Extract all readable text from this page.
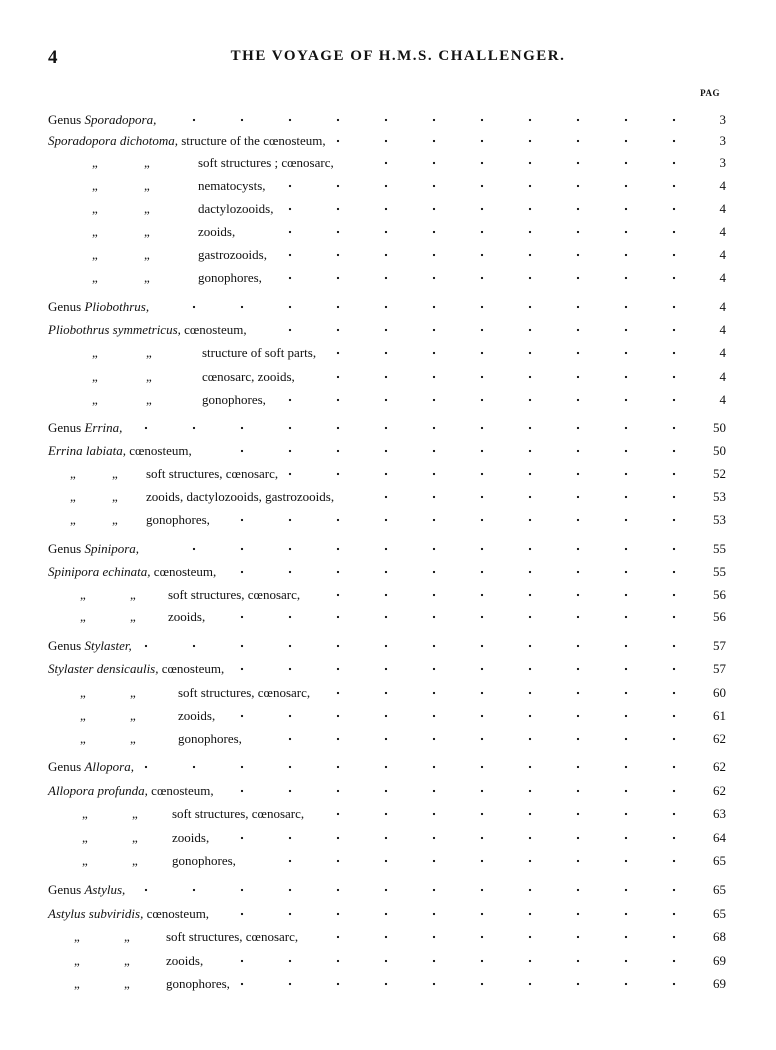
4	THE VOYAGE OF H.M.S. CHALLENGER.
PAG
Genus Sporadopora,	3
Sporadopora dichotoma, structure of the cœnosteum,	3
„	„	soft structures ; cœnosarc,	3
„	„	nematocysts,	4
„	„	dactylozooids,	4
„	„	zooids,	4
„	„	gastrozooids,	4
„	„	gonophores,	4
Genus Pliobothrus,	4
Pliobothrus symmetricus, cœnosteum,	4
„	„	structure of soft parts,	4
„	„	cœnosarc, zooids,	4
„	„	gonophores,	4
Genus Errina,	50
Errina labiata, cœnosteum,	50
„	„ soft structures, cœnosarc,	52
„	„ zooids, dactylozooids, gastrozooids,	53
„	„ gonophores,	53
Genus Spinipora,	55
Spinipora echinata, cœnosteum,	55
„	„ soft structures, cœnosarc,	56
„	„ zooids,	56
Genus Stylaster,	57
Stylaster densicaulis, cœnosteum,	57
„	„	soft structures, cœnosarc,	60
„	„	zooids,	61
„	„	gonophores,	62
Genus Allopora,	62
Allopora profunda, cœnosteum,	62
„	„	soft structures, cœnosarc,	63
„	„	zooids,	64
„	„	gonophores,	65
Genus Astylus,	65
Astylus subviridis, cœnosteum,	65
„	„	soft structures, cœnosarc,	68
„	„	zooids,	69
„	„	gonophores,	69
